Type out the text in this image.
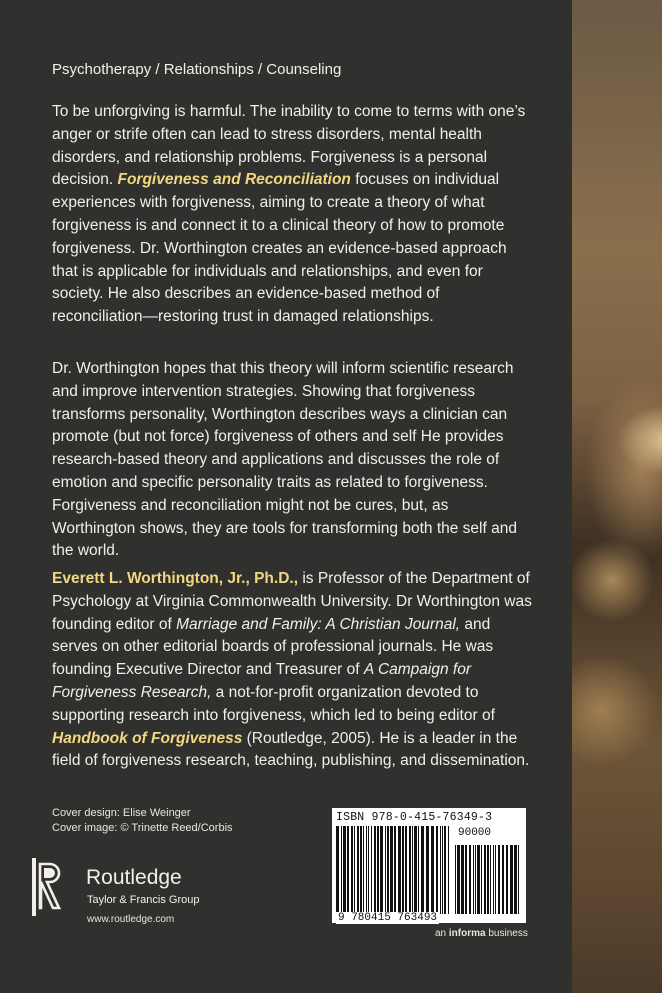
Psychotherapy / Relationships / Counseling

To be unforgiving is harmful. The inability to come to terms with one’s anger or strife often can lead to stress disorders, mental health disorders, and relationship problems. Forgiveness is a personal decision. Forgiveness and Reconciliation focuses on individual experiences with forgiveness, aiming to create a theory of what forgiveness is and connect it to a clinical theory of how to promote forgiveness. Dr. Worthington creates an evidence-based approach that is applicable for individuals and relationships, and even for society. He also describes an evidence-based method of reconciliation—restoring trust in damaged relationships.

Dr. Worthington hopes that this theory will inform scientific research and improve intervention strategies. Showing that forgiveness transforms personality, Worthington describes ways a clinician can promote (but not force) forgiveness of others and self He provides research-based theory and applications and discusses the role of emotion and specific personality traits as related to forgiveness. Forgiveness and reconciliation might not be cures, but, as Worthington shows, they are tools for transforming both the self and the world.

Everett L. Worthington, Jr., Ph.D., is Professor of the Department of Psychology at Virginia Commonwealth University. Dr Worthington was founding editor of Marriage and Family: A Christian Journal, and serves on other editorial boards of professional journals. He was founding Executive Director and Treasurer of A Campaign for Forgiveness Research, a not-for-profit organization devoted to supporting research into forgiveness, which led to being editor of Handbook of Forgiveness (Routledge, 2005). He is a leader in the field of forgiveness research, teaching, publishing, and dissemination.

Cover design: Elise Weinger
Cover image: © Trinette Reed/Corbis
Routledge
Taylor & Francis Group
www.routledge.com
ISBN 978-0-415-76349-3
90000
9 780415 763493
an informa business
